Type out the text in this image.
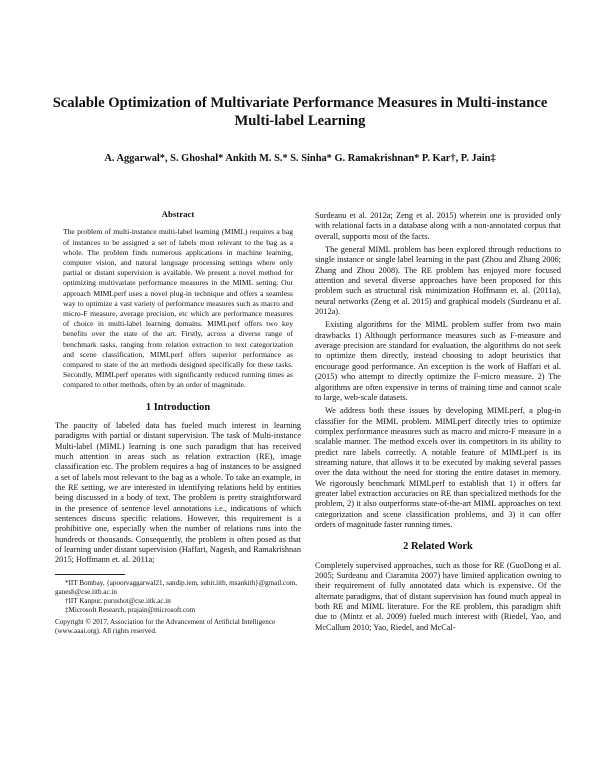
Scalable Optimization of Multivariate Performance Measures in Multi-instance
Multi-label Learning
A. Aggarwal*, S. Ghoshal* Ankith M. S.* S. Sinha* G. Ramakrishnan* P. Kar†, P. Jain‡
Abstract

The problem of multi-instance multi-label learning (MIML) requires a bag of instances to be assigned a set of labels most relevant to the bag as a whole. The problem finds numerous applications in machine learning, computer vision, and natural language processing settings where only partial or distant supervision is available. We present a novel method for optimizing multivariate performance measures in the MIML setting. Our approach MIMLperf uses a novel plug-in technique and offers a seamless way to optimize a vast variety of performance measures such as macro and micro-F measure, average precision, etc which are performance measures of choice in multi-label learning domains. MIMLperf offers two key benefits over the state of the art. Firstly, across a diverse range of benchmark tasks, ranging from relation extraction to text categorization and scene classification, MIMLperf offers superior performance as compared to state of the art methods designed specifically for these tasks. Secondly, MIMLperf operates with significantly reduced running times as compared to other methods, often by an order of magnitude.

1 Introduction

The paucity of labeled data has fueled much interest in learning paradigms with partial or distant supervision. The task of Multi-instance Multi-label (MIML) learning is one such paradigm that has received much attention in areas such as relation extraction (RE), image classification etc. The problem requires a bag of instances to be assigned a set of labels most relevant to the bag as a whole. To take an example, in the RE setting, we are interested in identifying relations held by entities being discussed in a body of text. The problem is pretty straightforward in the presence of sentence level annotations i.e., indications of which sentences discuss specific relations. However, this requirement is a prohibitive one, especially when the number of relations runs into the hundreds or thousands. Consequently, the problem is often posed as that of learning under distant supervision (Haffari, Nagesh, and Ramakrishnan 2015; Hoffmann et. al. 2011a;

*IIT Bombay, {apoorvaggarwal21, sandip.iem, suhit.iitb, msankith}@gmail.com, ganesh@cse.iitb.ac.in
†IIT Kanpur, purushot@cse.iitk.ac.in
‡Microsoft Research, prajain@microsoft.com
Copyright © 2017, Association for the Advancement of Artificial Intelligence (www.aaai.org). All rights reserved.

Surdeanu et al. 2012a; Zeng et al. 2015) wherein one is provided only with relational facts in a database along with a non-annotated corpus that overall, supports most of the facts.

The general MIML problem has been explored through reductions to single instance or single label learning in the past (Zhou and Zhang 2006; Zhang and Zhou 2008). The RE problem has enjoyed more focused attention and several diverse approaches have been proposed for this problem such as structural risk minimization Hoffmann et. al. (2011a), neural networks (Zeng et al. 2015) and graphical models (Surdeanu et al. 2012a).

Existing algorithms for the MIML problem suffer from two main drawbacks 1) Although performance measures such as F-measure and average precision are standard for evaluation, the algorithms do not seek to optimize them directly, instead choosing to adopt heuristics that encourage good performance. An exception is the work of Haffari et al. (2015) who attempt to directly optimize the F-micro measure. 2) The algorithms are often expensive in terms of training time and cannot scale to large, web-scale datasets.

We address both these issues by developing MIMLperf, a plug-in classifier for the MIML problem. MIMLperf directly tries to optimize complex performance measures such as macro and micro-F measure in a scalable manner. The method excels over its competitors in its ability to predict rare labels correctly. A notable feature of MIMLperf is its streaming nature, that allows it to be executed by making several passes over the data without the need for storing the entire dataset in memory. We rigorously benchmark MIMLperf to establish that 1) it offers far greater label extraction accuracies on RE than specialized methods for the problem, 2) it also outperforms state-of-the-art MIML approaches on text categorization and scene classification problems, and 3) it can offer orders of magnitude faster running times.

2 Related Work

Completely supervised approaches, such as those for RE (GuoDong et al. 2005; Surdeanu and Ciaramita 2007) have limited application owning to their requirement of fully annotated data which is expensive. Of the alternate paradigms, that of distant supervision has found much appeal in both RE and MIML literature. For the RE problem, this paradigm shift due to (Mintz et al. 2009) fueled much interest with (Riedel, Yao, and McCallum 2010; Yao, Riedel, and McCal-
